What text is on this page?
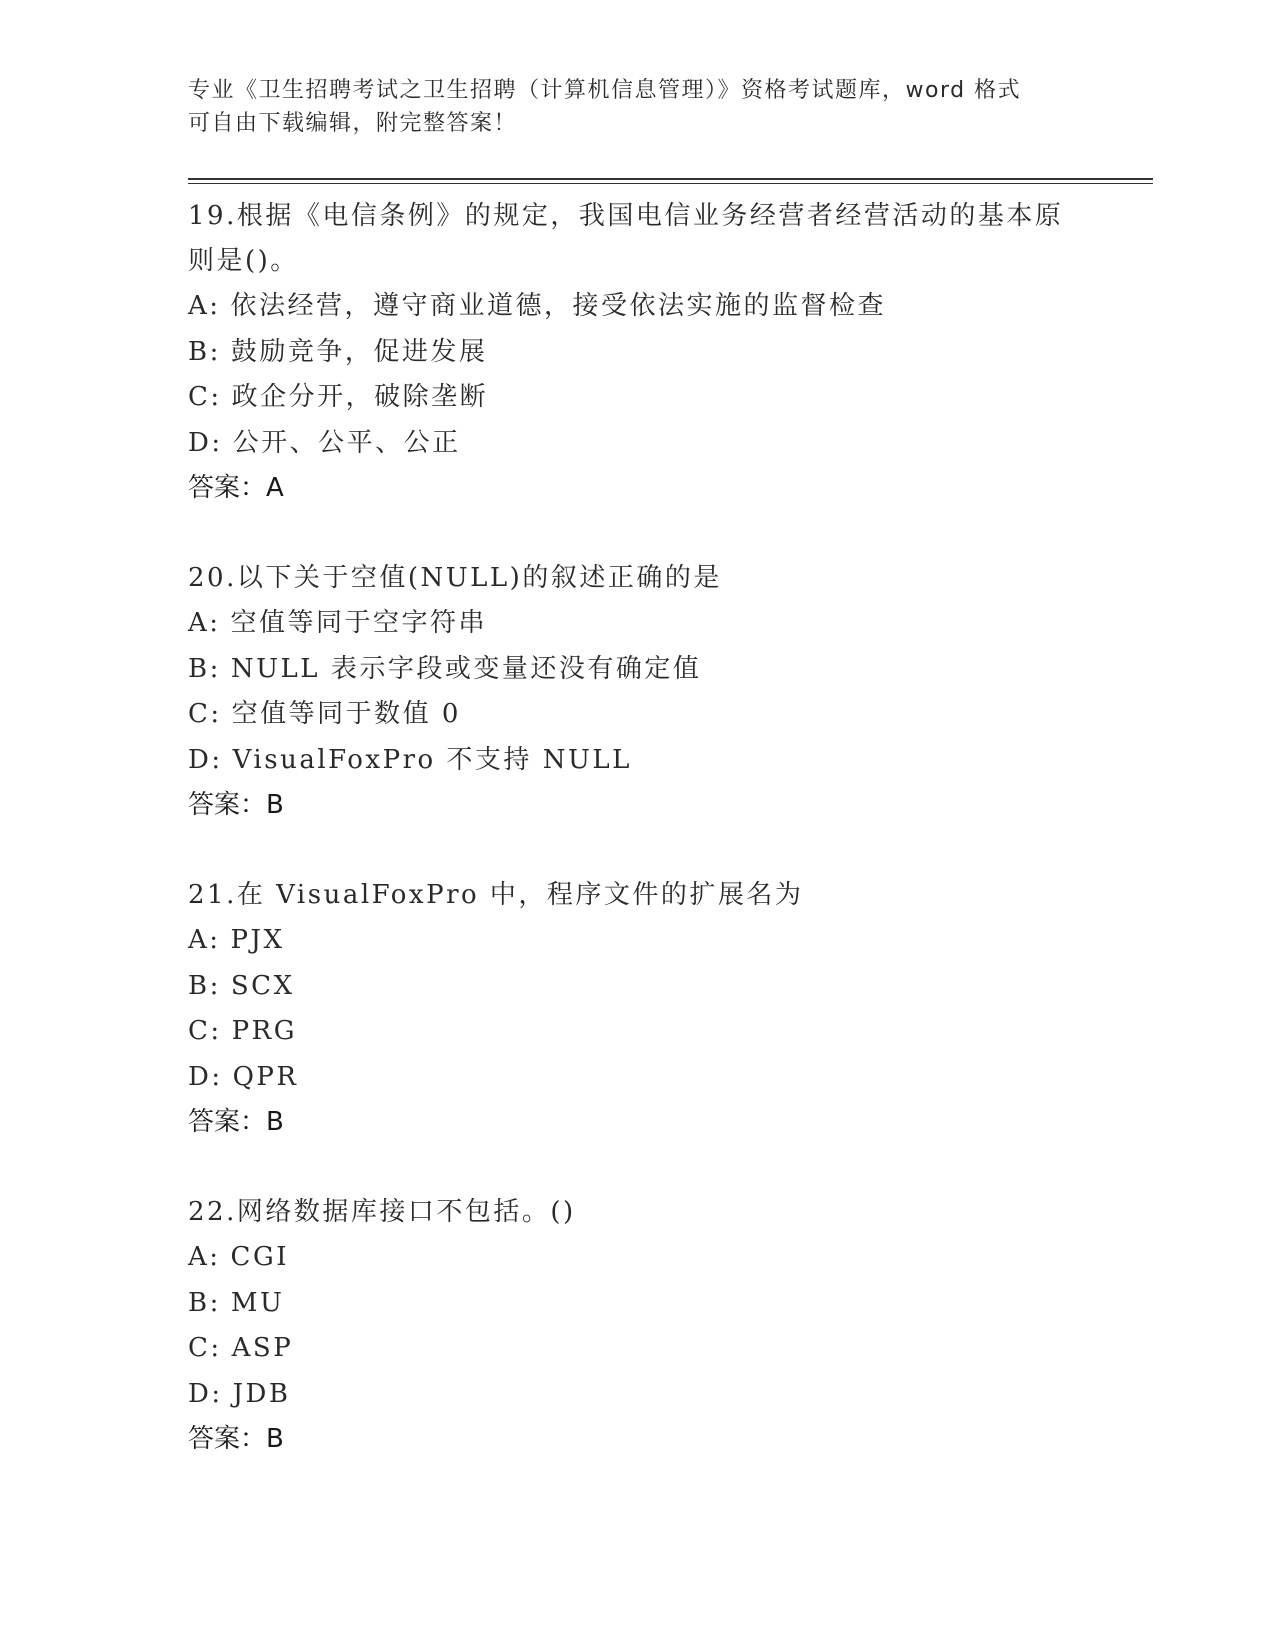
专业《卫生招聘考试之卫生招聘（计算机信息管理）》资格考试题库，word 格式
可自由下载编辑，附完整答案！
19.根据《电信条例》的规定，我国电信业务经营者经营活动的基本原
则是()。
A: 依法经营，遵守商业道德，接受依法实施的监督检查
B: 鼓励竞争，促进发展
C: 政企分开，破除垄断
D: 公开、公平、公正
答案：A
20.以下关于空值(NULL)的叙述正确的是
A: 空值等同于空字符串
B: NULL 表示字段或变量还没有确定值
C: 空值等同于数值 0
D: VisualFoxPro 不支持 NULL
答案：B
21.在 VisualFoxPro 中，程序文件的扩展名为
A: PJX
B: SCX
C: PRG
D: QPR
答案：B
22.网络数据库接口不包括。()
A: CGI
B: MU
C: ASP
D: JDB
答案：B
